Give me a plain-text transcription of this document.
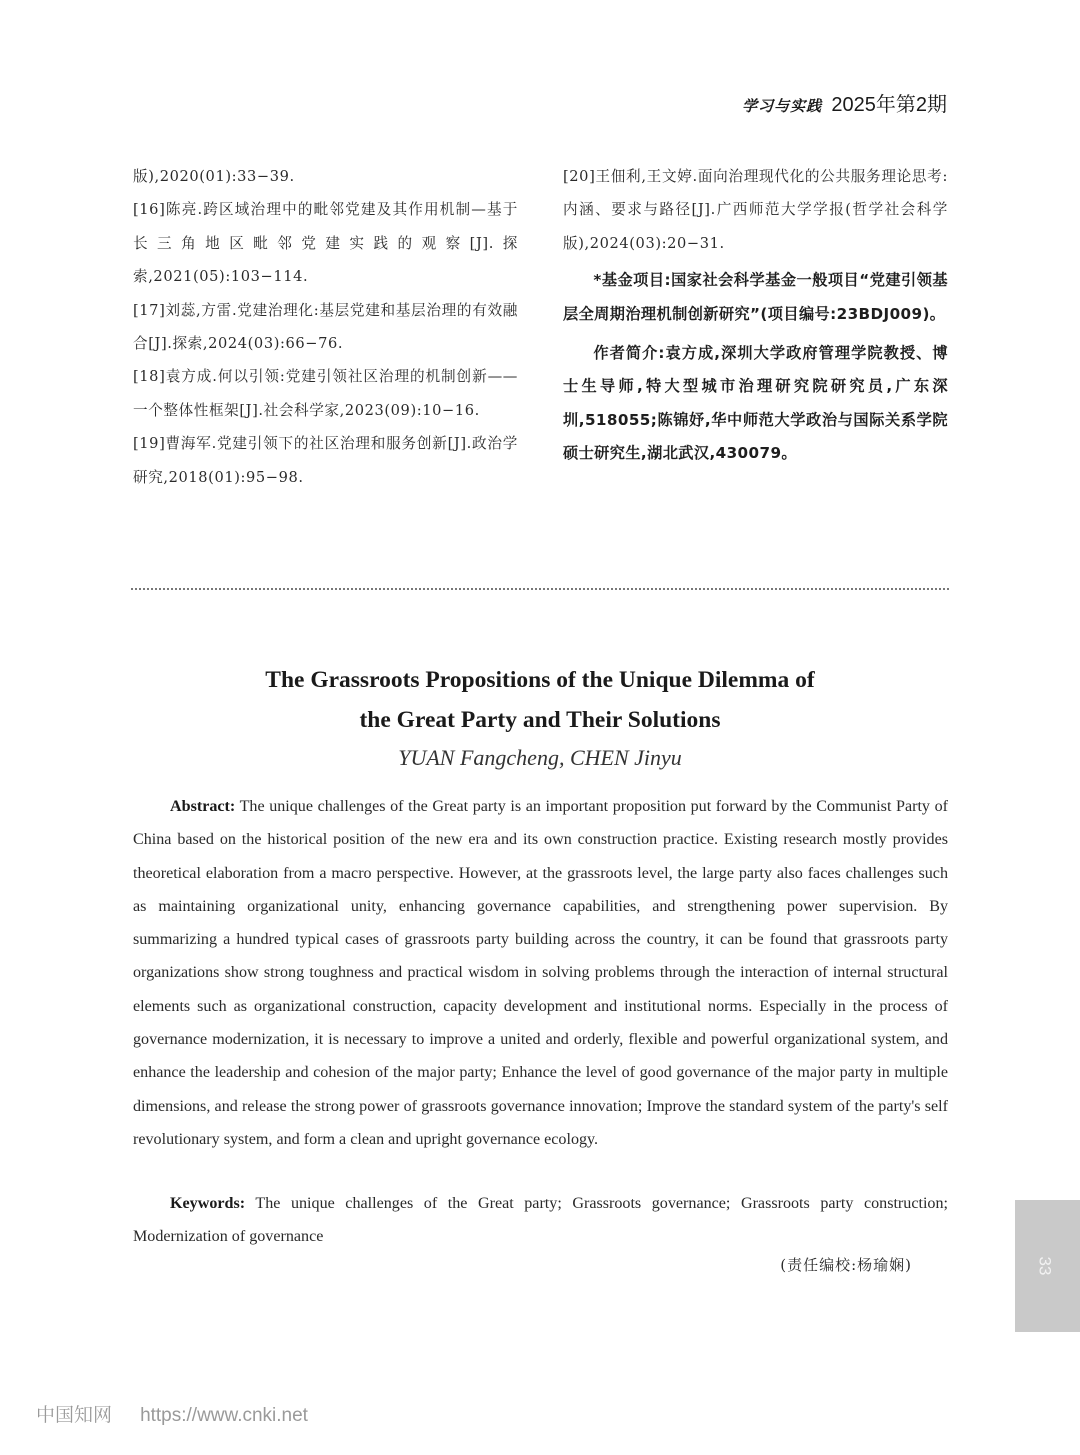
学习与实践 2025年第2期
版),2020(01):33−39.
[16]陈亮.跨区域治理中的毗邻党建及其作用机制—基于长三角地区毗邻党建实践的观察[J].探索,2021(05):103−114.
[17]刘蕊,方雷.党建治理化:基层党建和基层治理的有效融合[J].探索,2024(03):66−76.
[18]袁方成.何以引领:党建引领社区治理的机制创新——一个整体性框架[J].社会科学家,2023(09):10−16.
[19]曹海军.党建引领下的社区治理和服务创新[J].政治学研究,2018(01):95−98.
[20]王佃利,王文婷.面向治理现代化的公共服务理论思考:内涵、要求与路径[J].广西师范大学学报(哲学社会科学版),2024(03):20−31.
*基金项目:国家社会科学基金一般项目“党建引领基层全周期治理机制创新研究”(项目编号:23BDJ009)。
作者简介:袁方成,深圳大学政府管理学院教授、博士生导师,特大型城市治理研究院研究员,广东深圳,518055;陈锦妤,华中师范大学政治与国际关系学院硕士研究生,湖北武汉,430079。
The Grassroots Propositions of the Unique Dilemma of
the Great Party and Their Solutions
YUAN Fangcheng, CHEN Jinyu
Abstract: The unique challenges of the Great party is an important proposition put forward by the Communist Party of China based on the historical position of the new era and its own construction practice. Existing research mostly provides theoretical elaboration from a macro perspective. However, at the grassroots level, the large party also faces challenges such as maintaining organizational unity, enhancing governance capabilities, and strengthening power supervision. By summarizing a hundred typical cases of grassroots party building across the country, it can be found that grassroots party organizations show strong toughness and practical wisdom in solving problems through the interaction of internal structural elements such as organizational construction, capacity development and institutional norms. Especially in the process of governance modernization, it is necessary to improve a united and orderly, flexible and powerful organizational system, and enhance the leadership and cohesion of the major party; Enhance the level of good governance of the major party in multiple dimensions, and release the strong power of grassroots governance innovation; Improve the standard system of the party's self revolutionary system, and form a clean and upright governance ecology.
Keywords: The unique challenges of the Great party; Grassroots governance; Grassroots party construction; Modernization of governance
(责任编校:杨瑜娴)	33
中国知网 https://www.cnki.net
